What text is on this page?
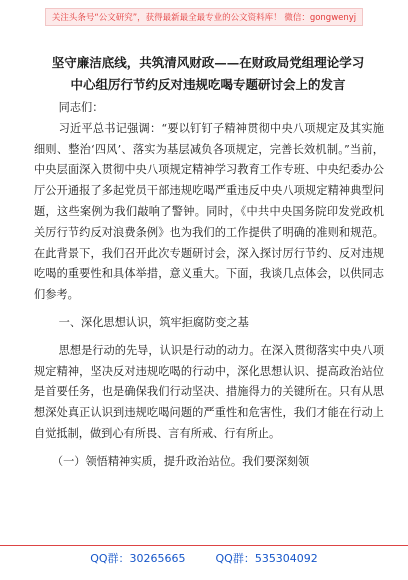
关注头条号“公文研究”，获得最新最全最专业的公文资料库！ 微信：gongwenyj
坚守廉洁底线，共筑清风财政——在财政局党组理论学习
中心组厉行节约反对违规吃喝专题研讨会上的发言

同志们：

习近平总书记强调：“要以钉钉子精神贯彻中央八项规定及其实施细则、整治‘四风’、落实为基层减负各项规定，完善长效机制。”当前，中央层面深入贯彻中央八项规定精神学习教育工作专班、中央纪委办公厅公开通报了多起党员干部违规吃喝严重违反中央八项规定精神典型问题，这些案例为我们敲响了警钟。同时，《中共中央国务院印发党政机关厉行节约反对浪费条例》也为我们的工作提供了明确的准则和规范。在此背景下，我们召开此次专题研讨会，深入探讨厉行节约、反对违规吃喝的重要性和具体举措，意义重大。下面，我谈几点体会，以供同志们参考。

一、深化思想认识，筑牢拒腐防变之基

思想是行动的先导，认识是行动的动力。在深入贯彻落实中央八项规定精神，坚决反对违规吃喝的行动中，深化思想认识、提高政治站位是首要任务，也是确保我们行动坚决、措施得力的关键所在。只有从思想深处真正认识到违规吃喝问题的严重性和危害性，我们才能在行动上自觉抵制，做到心有所畏、言有所戒、行有所止。

（一）领悟精神实质，提升政治站位。我们要深刻领

QQ群：30265665	QQ群：535304092
